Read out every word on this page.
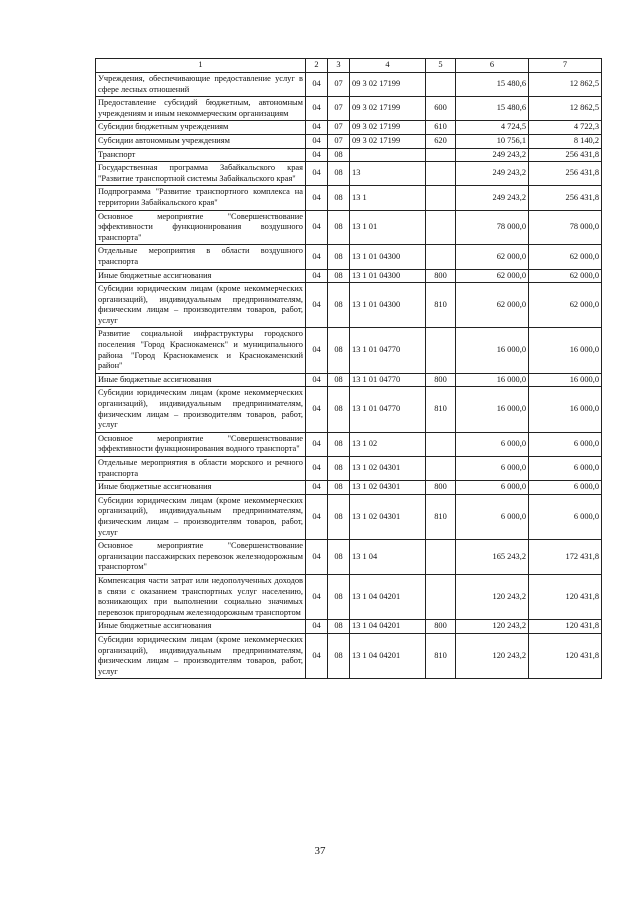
1	2	3	4	5	6	7
Учреждения, обеспечивающие предоставление услуг в сфере лесных отношений	04	07	09 3 02 17199		15 480,6	12 862,5
Предоставление субсидий бюджетным, автономным учреждениям и иным некоммерческим организациям	04	07	09 3 02 17199	600	15 480,6	12 862,5
Субсидии бюджетным учреждениям	04	07	09 3 02 17199	610	4 724,5	4 722,3
Субсидии автономным учреждениям	04	07	09 3 02 17199	620	10 756,1	8 140,2
Транспорт	04	08			249 243,2	256 431,8
Государственная программа Забайкальского края "Развитие транспортной системы Забайкальского края"	04	08	13		249 243,2	256 431,8
Подпрограмма "Развитие транспортного комплекса на территории Забайкальского края"	04	08	13 1		249 243,2	256 431,8
Основное мероприятие "Совершенствование эффективности функционирования воздушного транспорта"	04	08	13 1 01		78 000,0	78 000,0
Отдельные мероприятия в области воздушного транспорта	04	08	13 1 01 04300		62 000,0	62 000,0
Иные бюджетные ассигнования	04	08	13 1 01 04300	800	62 000,0	62 000,0
Субсидии юридическим лицам (кроме некоммерческих организаций), индивидуальным предпринимателям, физическим лицам – производителям товаров, работ, услуг	04	08	13 1 01 04300	810	62 000,0	62 000,0
Развитие социальной инфраструктуры городского поселения "Город Краснокаменск" и муниципального района "Город Краснокаменск и Краснокаменский район"	04	08	13 1 01 04770		16 000,0	16 000,0
Иные бюджетные ассигнования	04	08	13 1 01 04770	800	16 000,0	16 000,0
Субсидии юридическим лицам (кроме некоммерческих организаций), индивидуальным предпринимателям, физическим лицам – производителям товаров, работ, услуг	04	08	13 1 01 04770	810	16 000,0	16 000,0
Основное мероприятие "Совершенствование эффективности функционирования водного транспорта"	04	08	13 1 02		6 000,0	6 000,0
Отдельные мероприятия в области морского и речного транспорта	04	08	13 1 02 04301		6 000,0	6 000,0
Иные бюджетные ассигнования	04	08	13 1 02 04301	800	6 000,0	6 000,0
Субсидии юридическим лицам (кроме некоммерческих организаций), индивидуальным предпринимателям, физическим лицам – производителям товаров, работ, услуг	04	08	13 1 02 04301	810	6 000,0	6 000,0
Основное мероприятие "Совершенствование организации пассажирских перевозок железнодорожным транспортом"	04	08	13 1 04		165 243,2	172 431,8
Компенсация части затрат или недополученных доходов в связи с оказанием транспортных услуг населению, возникающих при выполнении социально значимых перевозок пригородным железнодорожным транспортом	04	08	13 1 04 04201		120 243,2	120 431,8
Иные бюджетные ассигнования	04	08	13 1 04 04201	800	120 243,2	120 431,8
Субсидии юридическим лицам (кроме некоммерческих организаций), индивидуальным предпринимателям, физическим лицам – производителям товаров, работ, услуг	04	08	13 1 04 04201	810	120 243,2	120 431,8
37
